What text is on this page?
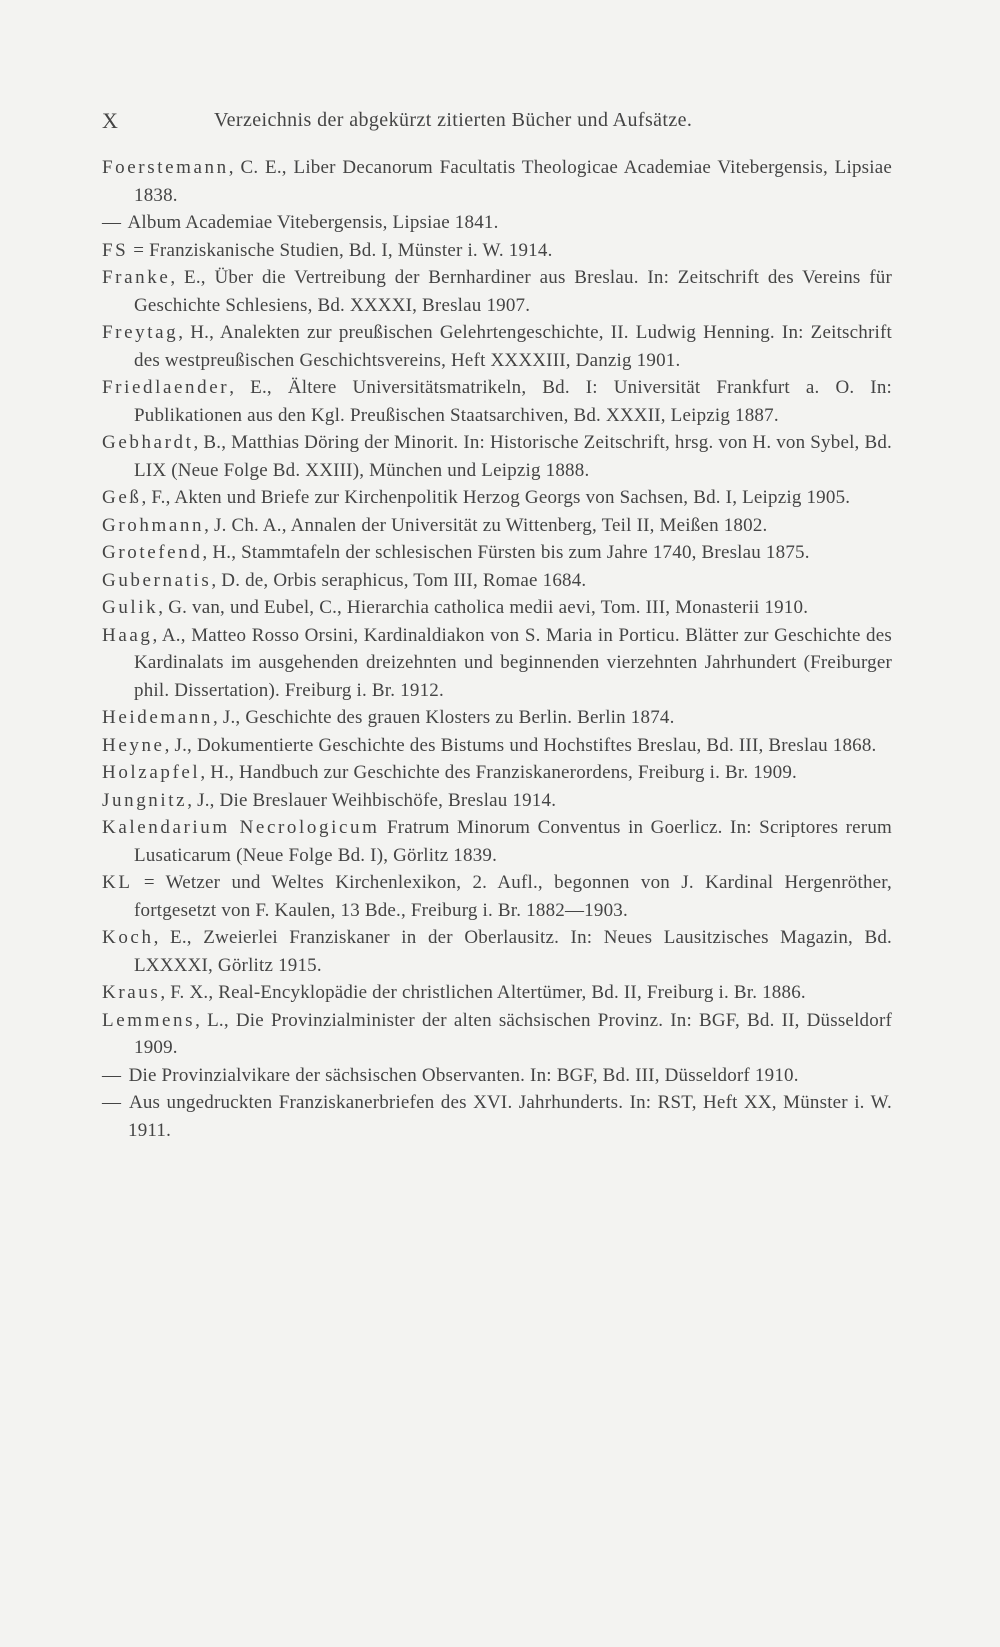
X	Verzeichnis der abgekürzt zitierten Bücher und Aufsätze.

Foerstemann, C. E., Liber Decanorum Facultatis Theologicae Academiae Vitebergensis, Lipsiae 1838.

— Album Academiae Vitebergensis, Lipsiae 1841.

FS = Franziskanische Studien, Bd. I, Münster i. W. 1914.

Franke, E., Über die Vertreibung der Bernhardiner aus Breslau. In: Zeitschrift des Vereins für Geschichte Schlesiens, Bd. XXXXI, Breslau 1907.

Freytag, H., Analekten zur preußischen Gelehrtengeschichte, II. Ludwig Henning. In: Zeitschrift des westpreußischen Geschichtsvereins, Heft XXXXIII, Danzig 1901.

Friedlaender, E., Ältere Universitätsmatrikeln, Bd. I: Universität Frankfurt a. O. In: Publikationen aus den Kgl. Preußischen Staatsarchiven, Bd. XXXII, Leipzig 1887.

Gebhardt, B., Matthias Döring der Minorit. In: Historische Zeitschrift, hrsg. von H. von Sybel, Bd. LIX (Neue Folge Bd. XXIII), München und Leipzig 1888.

Geß, F., Akten und Briefe zur Kirchenpolitik Herzog Georgs von Sachsen, Bd. I, Leipzig 1905.

Grohmann, J. Ch. A., Annalen der Universität zu Wittenberg, Teil II, Meißen 1802.

Grotefend, H., Stammtafeln der schlesischen Fürsten bis zum Jahre 1740, Breslau 1875.

Gubernatis, D. de, Orbis seraphicus, Tom III, Romae 1684.

Gulik, G. van, und Eubel, C., Hierarchia catholica medii aevi, Tom. III, Monasterii 1910.

Haag, A., Matteo Rosso Orsini, Kardinaldiakon von S. Maria in Porticu. Blätter zur Geschichte des Kardinalats im ausgehenden dreizehnten und beginnenden vierzehnten Jahrhundert (Freiburger phil. Dissertation). Freiburg i. Br. 1912.

Heidemann, J., Geschichte des grauen Klosters zu Berlin. Berlin 1874.

Heyne, J., Dokumentierte Geschichte des Bistums und Hochstiftes Breslau, Bd. III, Breslau 1868.

Holzapfel, H., Handbuch zur Geschichte des Franziskanerordens, Freiburg i. Br. 1909.

Jungnitz, J., Die Breslauer Weihbischöfe, Breslau 1914.

Kalendarium Necrologicum Fratrum Minorum Conventus in Goerlicz. In: Scriptores rerum Lusaticarum (Neue Folge Bd. I), Görlitz 1839.

KL = Wetzer und Weltes Kirchenlexikon, 2. Aufl., begonnen von J. Kardinal Hergenröther, fortgesetzt von F. Kaulen, 13 Bde., Freiburg i. Br. 1882—1903.

Koch, E., Zweierlei Franziskaner in der Oberlausitz. In: Neues Lausitzisches Magazin, Bd. LXXXXI, Görlitz 1915.

Kraus, F. X., Real-Encyklopädie der christlichen Altertümer, Bd. II, Freiburg i. Br. 1886.

Lemmens, L., Die Provinzialminister der alten sächsischen Provinz. In: BGF, Bd. II, Düsseldorf 1909.

— Die Provinzialvikare der sächsischen Observanten. In: BGF, Bd. III, Düsseldorf 1910.

— Aus ungedruckten Franziskanerbriefen des XVI. Jahrhunderts. In: RST, Heft XX, Münster i. W. 1911.
